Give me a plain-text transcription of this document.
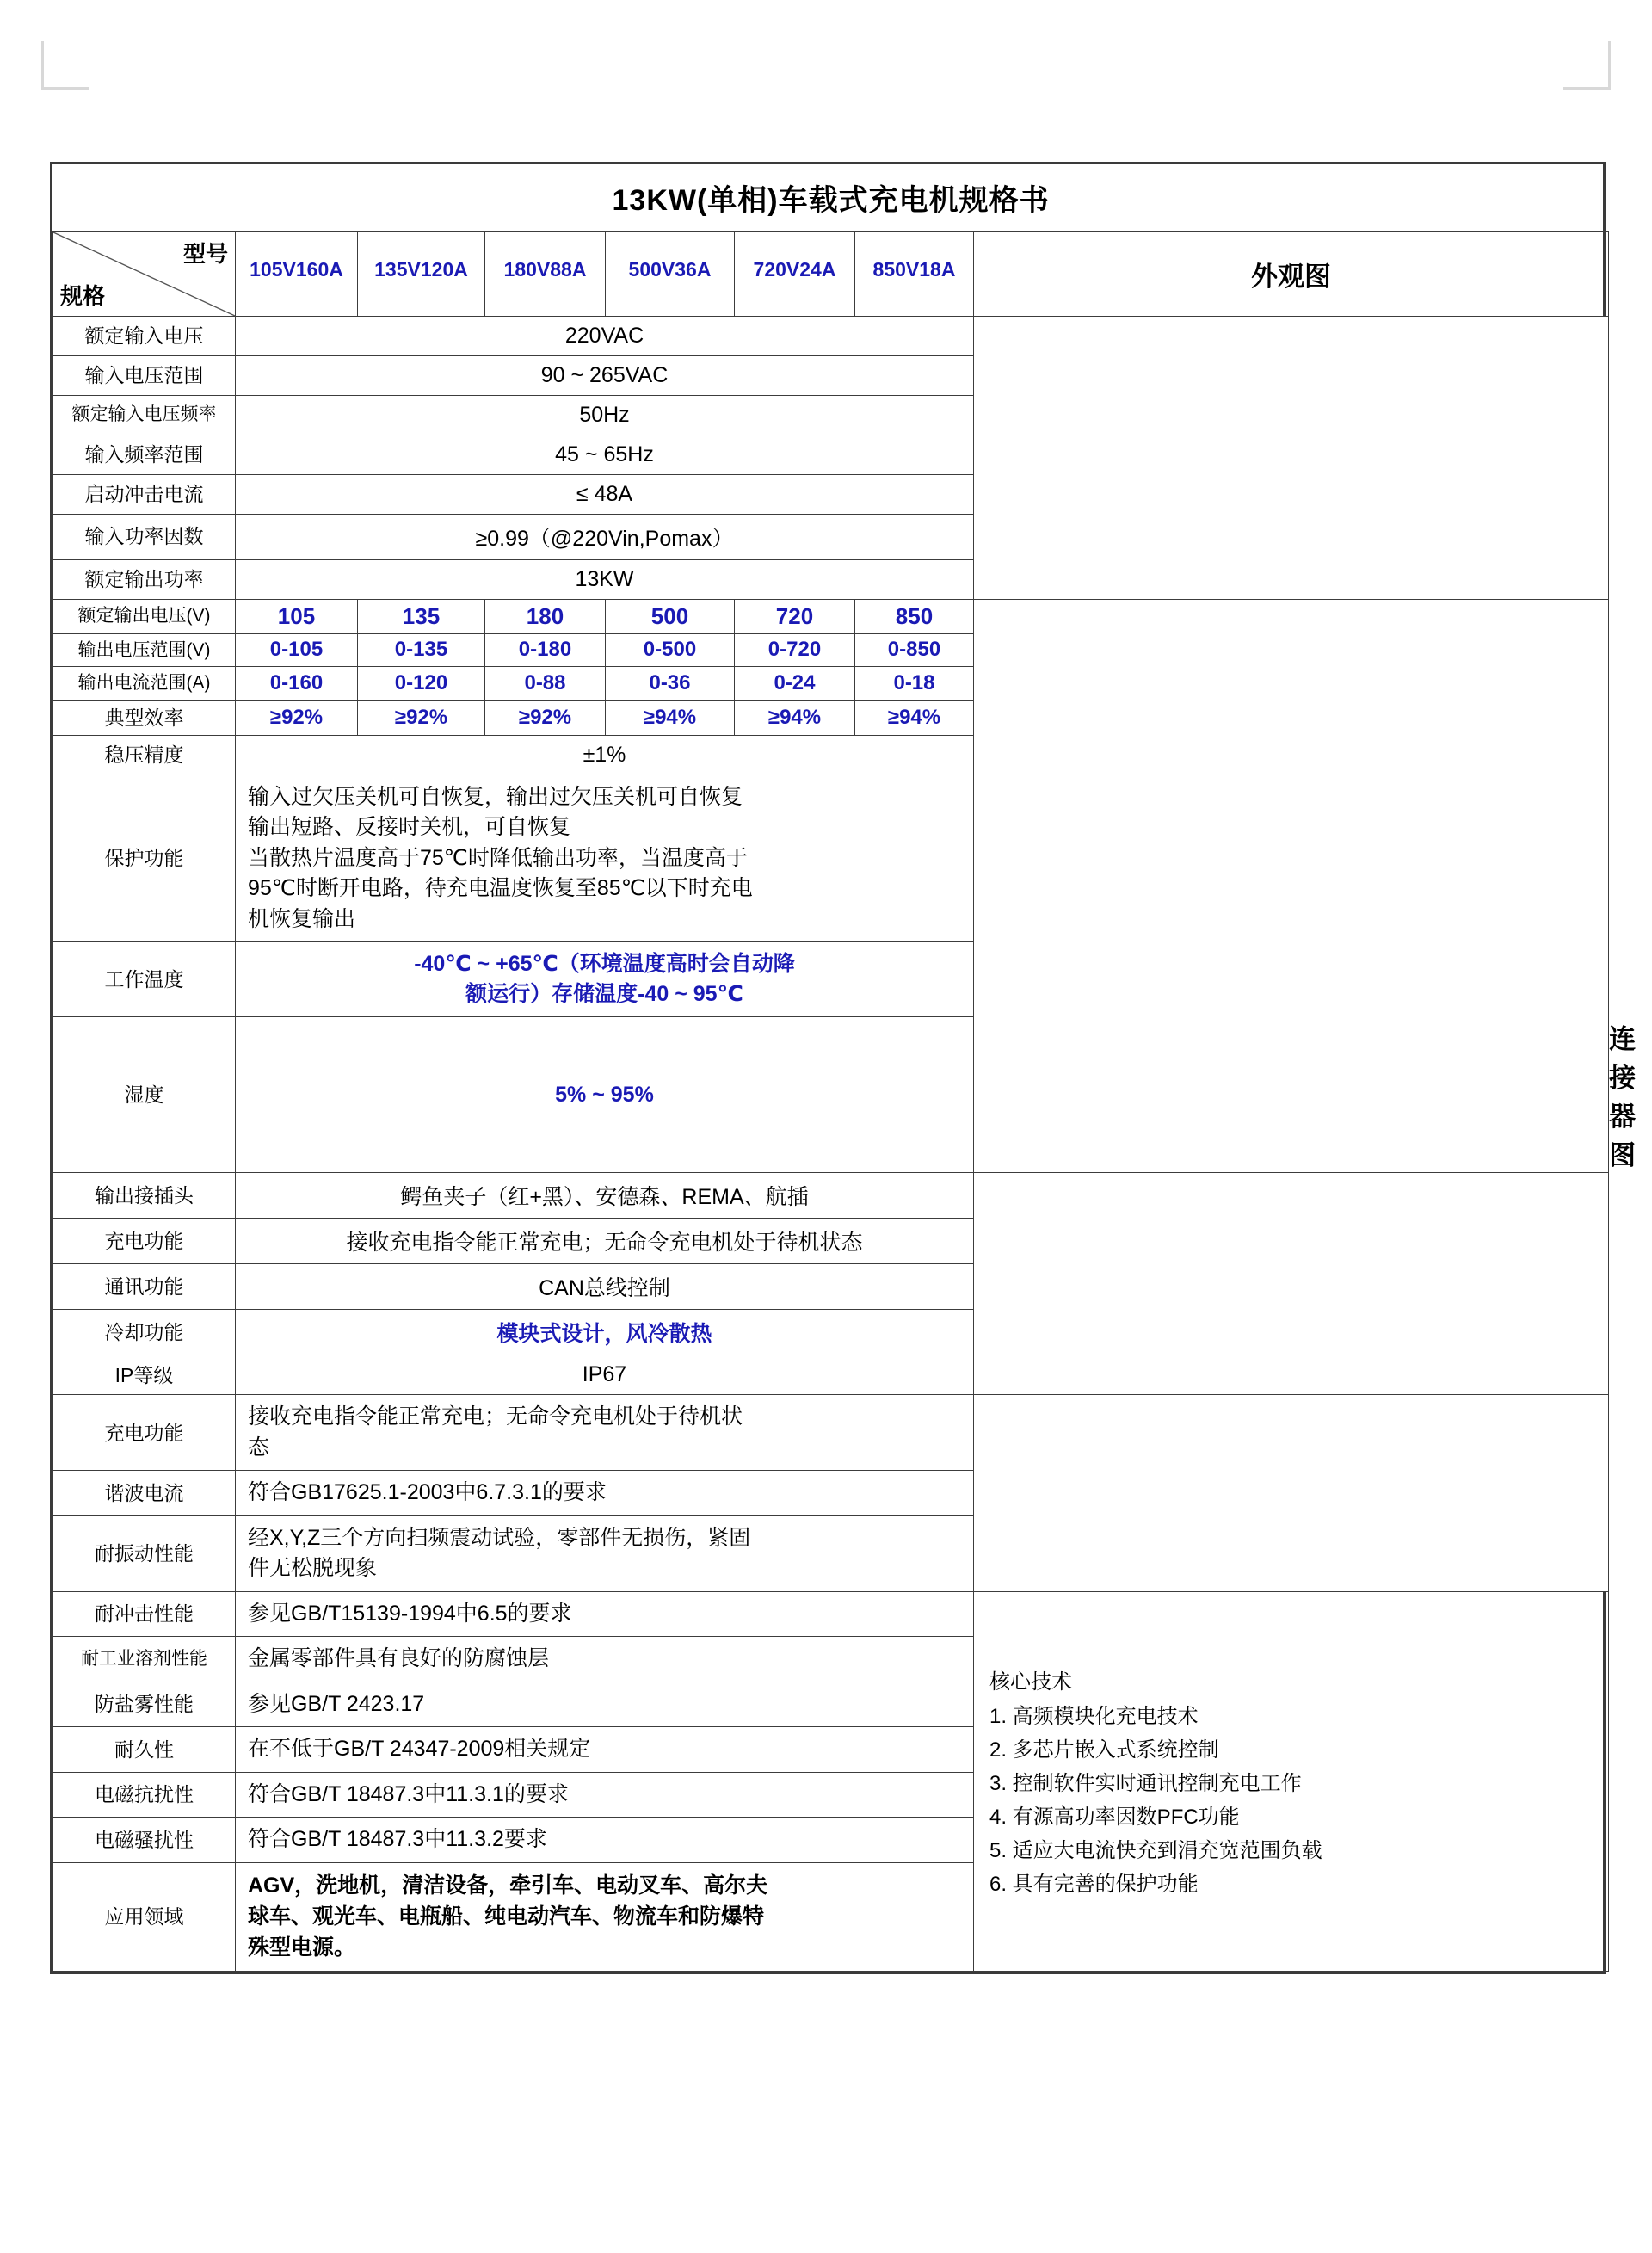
13KW(单相)车载式充电机规格书								

型号
规格	105V160A	135V120A	180V88A	500V36A	720V24A	850V18A	外观图	
额定输入电压	220VAC	

输入电压范围	90 ~ 265VAC							
额定输入电压频率	50Hz							
输入频率范围	45 ~ 65Hz							
启动冲击电流	≤ 48A							
输入功率因数	≥0.99（@220Vin,Pomax）							
额定输出功率	13KW							
额定输出电压(V)	105	135	180	500	720	850	

输出电压范围(V)	0-105	0-135	0-180	0-500	0-720	0-850		
输出电流范围(A)	0-160	0-120	0-88	0-36	0-24	0-18		
典型效率	≥92%	≥92%	≥92%	≥94%	≥94%	≥94%		
稳压精度	±1%							
保护功能	输入过欠压关机可自恢复，输出过欠压关机可自恢复
输出短路、反接时关机，可自恢复
当散热片温度高于75℃时降低输出功率，当温度高于
95℃时断开电路，待充电温度恢复至85℃以下时充电
机恢复输出							

工作温度	-40℃ ~ +65℃（环境温度高时会自动降
额运行）存储温度-40 ~ 95℃							

湿度	5% ~ 95%							连接器图
输出接插头	鳄鱼夹子（红+黑）、安德森、REMA、航插	

充电功能	接收充电指令能正常充电；无命令充电机处于待机状态							
通讯功能	CAN总线控制							
冷却功能	模块式设计，风冷散热							
IP等级	IP67							
充电功能	接收充电指令能正常充电；无命令充电机处于待机状
态

谐波电流	符合GB17625.1-2003中6.7.3.1的要求							
耐振动性能	经X,Y,Z三个方向扫频震动试验，零部件无损伤，紧固
件无松脱现象							

耐冲击性能	参见GB/T15139-1994中6.5的要求	
核心技术
1. 高频模块化充电技术
2. 多芯片嵌入式系统控制
3. 控制软件实时通讯控制充电工作
4. 有源高功率因数PFC功能
5. 适应大电流快充到涓充宽范围负载
6. 具有完善的保护功能

耐工业溶剂性能	金属零部件具有良好的防腐蚀层							
防盐雾性能	参见GB/T 2423.17							
耐久性	在不低于GB/T 24347-2009相关规定							
电磁抗扰性	符合GB/T 18487.3中11.3.1的要求							
电磁骚扰性	符合GB/T 18487.3中11.3.2要求							
应用领域	AGV，洗地机，清洁设备，牵引车、电动叉车、高尔夫
球车、观光车、电瓶船、纯电动汽车、物流车和防爆特
殊型电源。							
